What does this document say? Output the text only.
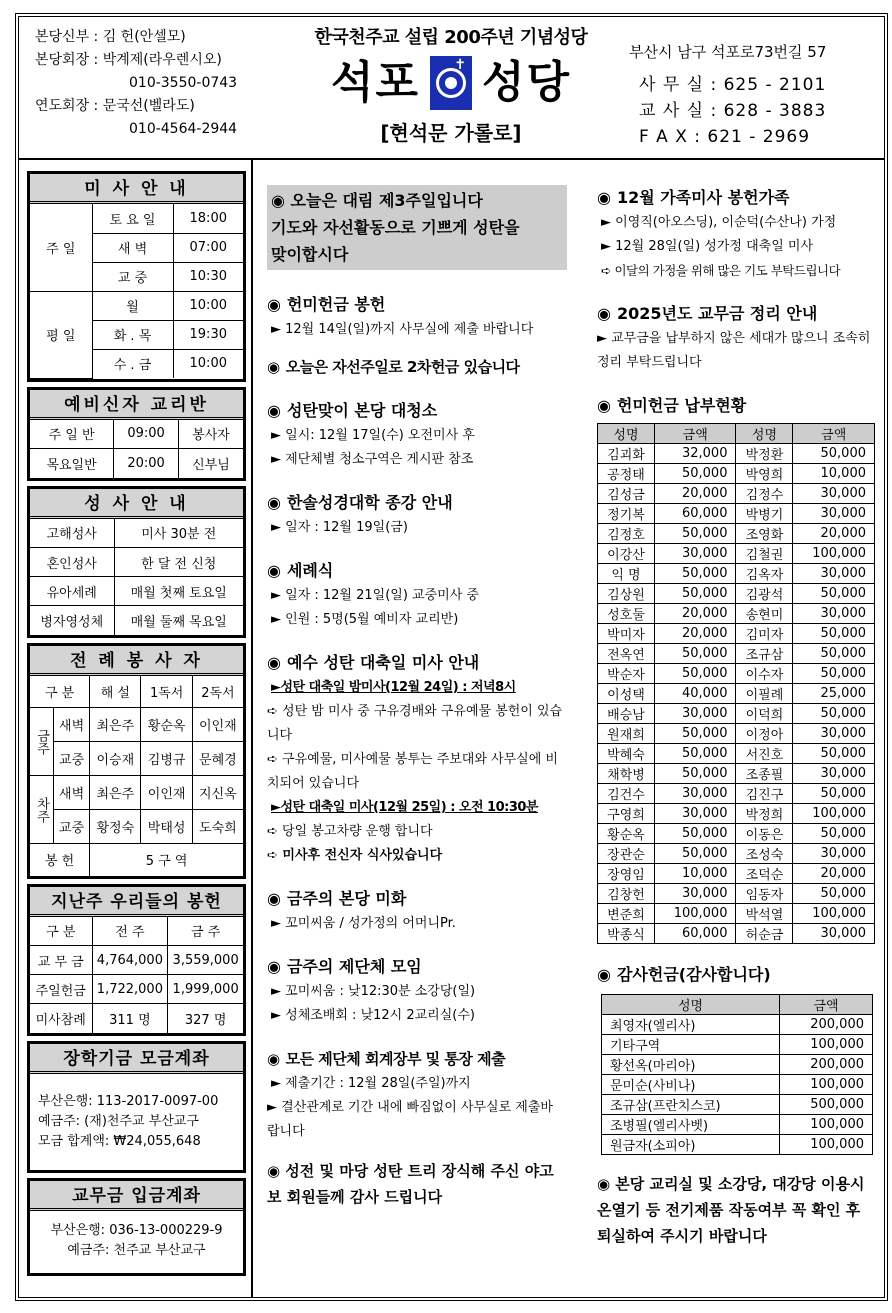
본당신부 : 김 헌(안셀모)
본당회장 : 박계제(라우렌시오)
010-3550-0743
연도회장 : 문국선(벨라도)
010-4564-2944
한국천주교 설립 200주년 기념성당
석포 ✝ 성당
[현석문 가롤로]
부산시 남구 석포로73번길 57
사 무 실 : 625 - 2101
교 사 실 : 628 - 3883
F A X : 621 - 2969
미 사 안 내
주 일	토 요 일	18:00
	새 벽	07:00
	교 중	10:30
평 일	월	10:00
	화 . 목	19:30
	수 . 금	10:00
예비신자 교리반
주 일 반	09:00	봉사자
목요일반	20:00	신부님
성 사 안 내
고해성사	미사 30분 전
혼인성사	한 달 전 신청
유아세례	매월 첫째 토요일
병자영성체	매월 둘째 목요일
전 례 봉 사 자
구 분		해 설	1독서	2독서
금주	새벽	최은주	황순옥	이인재
	교중	이승재	김병규	문혜경
차주	새벽	최은주	이인재	지신옥
	교중	황정숙	박태성	도숙희
봉 헌		5 구 역		
지난주 우리들의 봉헌
구 분	전 주	금 주
교 무 금	4,764,000	3,559,000
주일헌금	1,722,000	1,999,000
미사참례	311 명	327 명
장학기금 모금계좌
부산은행: 113-2017-0097-00
예금주: (재)천주교 부산교구
모금 합계액: ₩24,055,648
교무금 입금계좌
부산은행: 036-13-000229-9
예금주: 천주교 부산교구
◉ 오늘은 대림 제3주일입니다
기도와 자선활동으로 기쁘게 성탄을
맞이합시다
◉ 헌미헌금 봉헌
► 12월 14일(일)까지 사무실에 제출 바랍니다
◉ 오늘은 자선주일로 2차헌금 있습니다
◉ 성탄맞이 본당 대청소
► 일시: 12월 17일(수) 오전미사 후
► 제단체별 청소구역은 게시판 참조
◉ 한솔성경대학 종강 안내
► 일자 : 12월 19일(금)
◉ 세례식
► 일자 : 12월 21일(일) 교중미사 중
► 인원 : 5명(5월 예비자 교리반)
◉ 예수 성탄 대축일 미사 안내
►성탄 대축일 밤미사(12월 24일) : 저녁8시
➪ 성탄 밤 미사 중 구유경배와 구유예물 봉헌이 있습니다
➪ 구유예물, 미사예물 봉투는 주보대와 사무실에 비치되어 있습니다
►성탄 대축일 미사(12월 25일) : 오전 10:30분
➪ 당일 봉고차량 운행 합니다
➪ 미사후 전신자 식사있습니다
◉ 금주의 본당 미화
► 꼬미씨움 / 성가정의 어머니Pr.
◉ 금주의 제단체 모임
► 꼬미씨움 : 낮12:30분 소강당(일)
► 성체조배회 : 낮12시 2교리실(수)
◉ 모든 제단체 회계장부 및 통장 제출
► 제출기간 : 12월 28일(주일)까지
► 결산관계로 기간 내에 빠짐없이 사무실로 제출바랍니다
◉ 성전 및 마당 성탄 트리 장식해 주신 야고보 회원들께 감사 드립니다
◉ 12월 가족미사 봉헌가족
► 이영직(아오스딩), 이순덕(수산나) 가정
► 12월 28일(일) 성가정 대축일 미사
➪ 이달의 가정을 위해 많은 기도 부탁드립니다
◉ 2025년도 교무금 정리 안내
► 교무금을 납부하지 않은 세대가 많으니 조속히 정리 부탁드립니다
◉ 헌미헌금 납부현황
성명	금액	성명	금액
김괴화	32,000	박정환	50,000
공정태	50,000	박영희	10,000
김성금	20,000	김정수	30,000
정기복	60,000	박병기	30,000
김정호	50,000	조영화	20,000
이강산	30,000	김철권	100,000
익 명	50,000	김옥자	30,000
김상원	50,000	김광석	50,000
성호둘	20,000	송현미	30,000
박미자	20,000	김미자	50,000
전옥연	50,000	조규삼	50,000
박순자	50,000	이수자	50,000
이성택	40,000	이필례	25,000
배승남	30,000	이덕희	50,000
원재희	50,000	이정아	30,000
박혜숙	50,000	서진호	50,000
채학병	50,000	조종필	30,000
김건수	30,000	김진구	50,000
구영희	30,000	박정희	100,000
황순옥	50,000	이동은	50,000
장관순	50,000	조성숙	30,000
장영임	10,000	조덕순	20,000
김창헌	30,000	임동자	50,000
변준희	100,000	박석열	100,000
박종식	60,000	허순금	30,000
◉ 감사헌금(감사합니다)
성명	금액
최영자(엘리사)	200,000
기타구역	100,000
황선옥(마리아)	200,000
문미순(사비나)	100,000
조규삼(프란치스코)	500,000
조병필(엘리사벳)	100,000
원금자(소피아)	100,000
◉ 본당 교리실 및 소강당, 대강당 이용시 온열기 등 전기제품 작동여부 꼭 확인 후 퇴실하여 주시기 바랍니다
